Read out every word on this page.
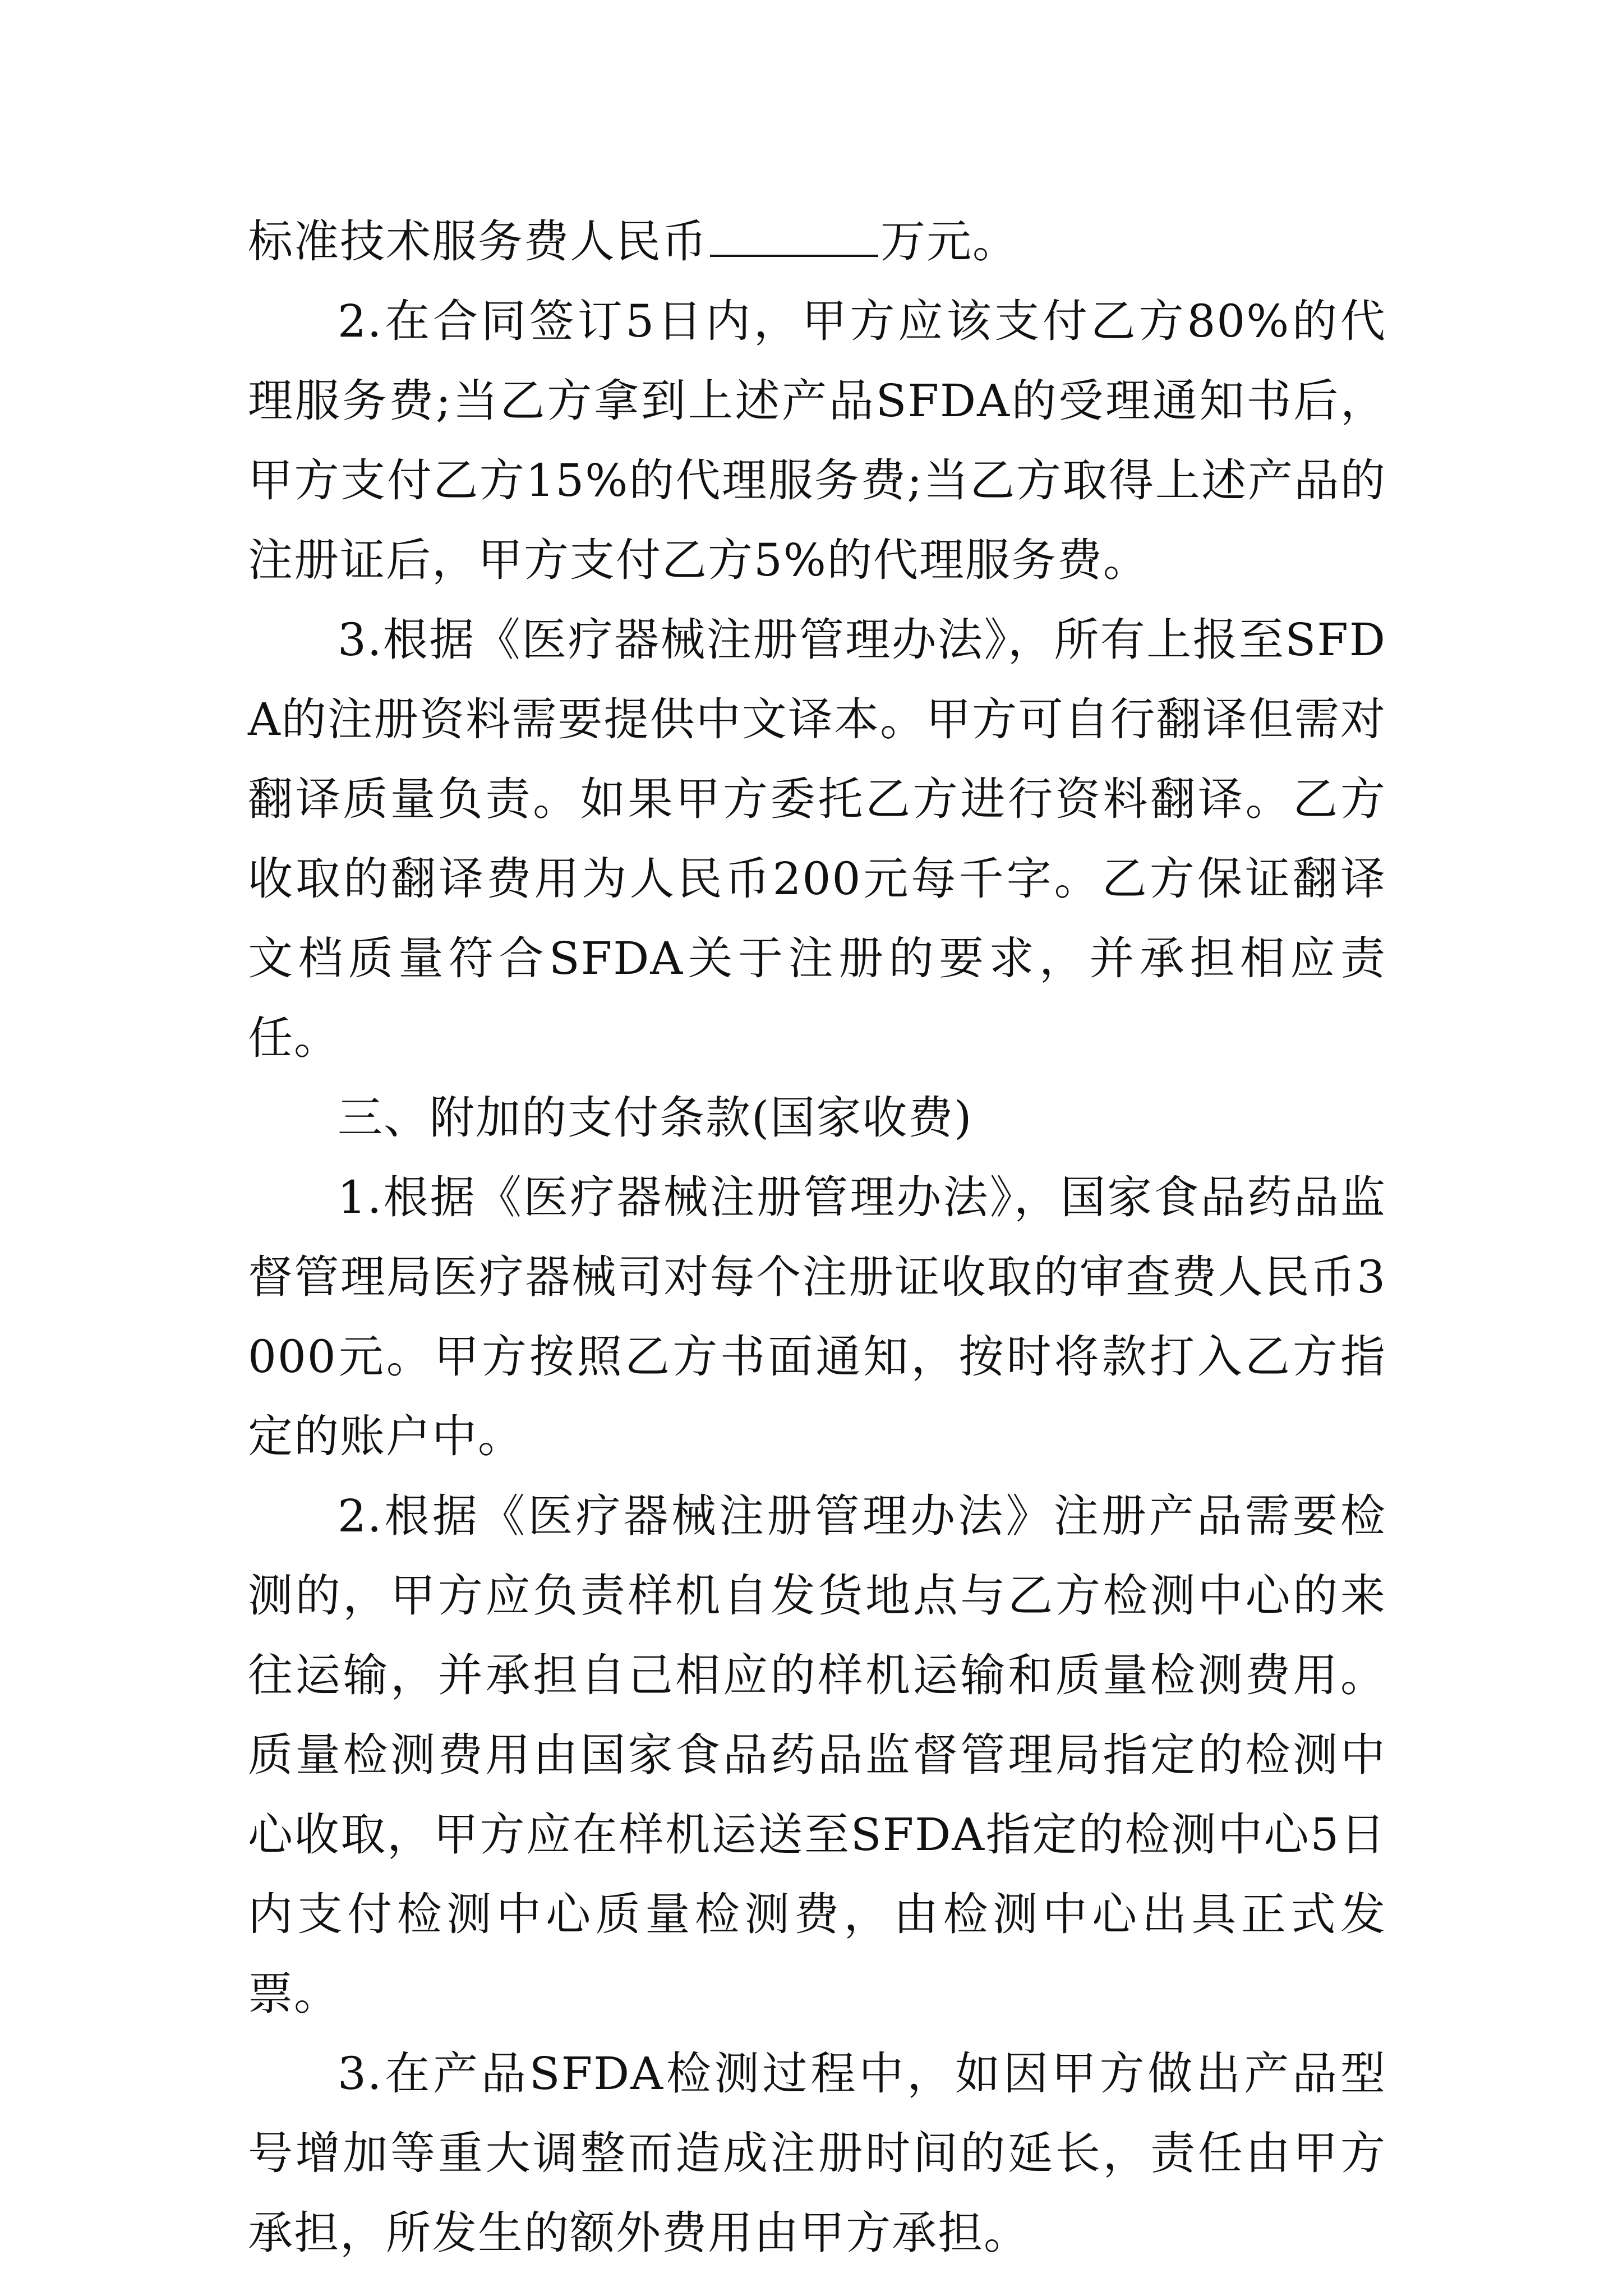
标准技术服务费人民币	万元。

2.在合同签订5日内，甲方应该支付乙方80%的代理服务费;当乙方拿到上述产品SFDA的受理通知书后，甲方支付乙方15%的代理服务费;当乙方取得上述产品的注册证后，甲方支付乙方5%的代理服务费。

3.根据《医疗器械注册管理办法》，所有上报至SFDA的注册资料需要提供中文译本。甲方可自行翻译但需对翻译质量负责。如果甲方委托乙方进行资料翻译。乙方收取的翻译费用为人民币200元每千字。乙方保证翻译文档质量符合SFDA关于注册的要求，并承担相应责任。

三、附加的支付条款(国家收费)

1.根据《医疗器械注册管理办法》，国家食品药品监督管理局医疗器械司对每个注册证收取的审查费人民币3000元。甲方按照乙方书面通知，按时将款打入乙方指定的账户中。

2.根据《医疗器械注册管理办法》注册产品需要检测的，甲方应负责样机自发货地点与乙方检测中心的来往运输，并承担自己相应的样机运输和质量检测费用。质量检测费用由国家食品药品监督管理局指定的检测中心收取，甲方应在样机运送至SFDA指定的检测中心5日内支付检测中心质量检测费，由检测中心出具正式发票。

3.在产品SFDA检测过程中，如因甲方做出产品型号增加等重大调整而造成注册时间的延长，责任由甲方承担，所发生的额外费用由甲方承担。
